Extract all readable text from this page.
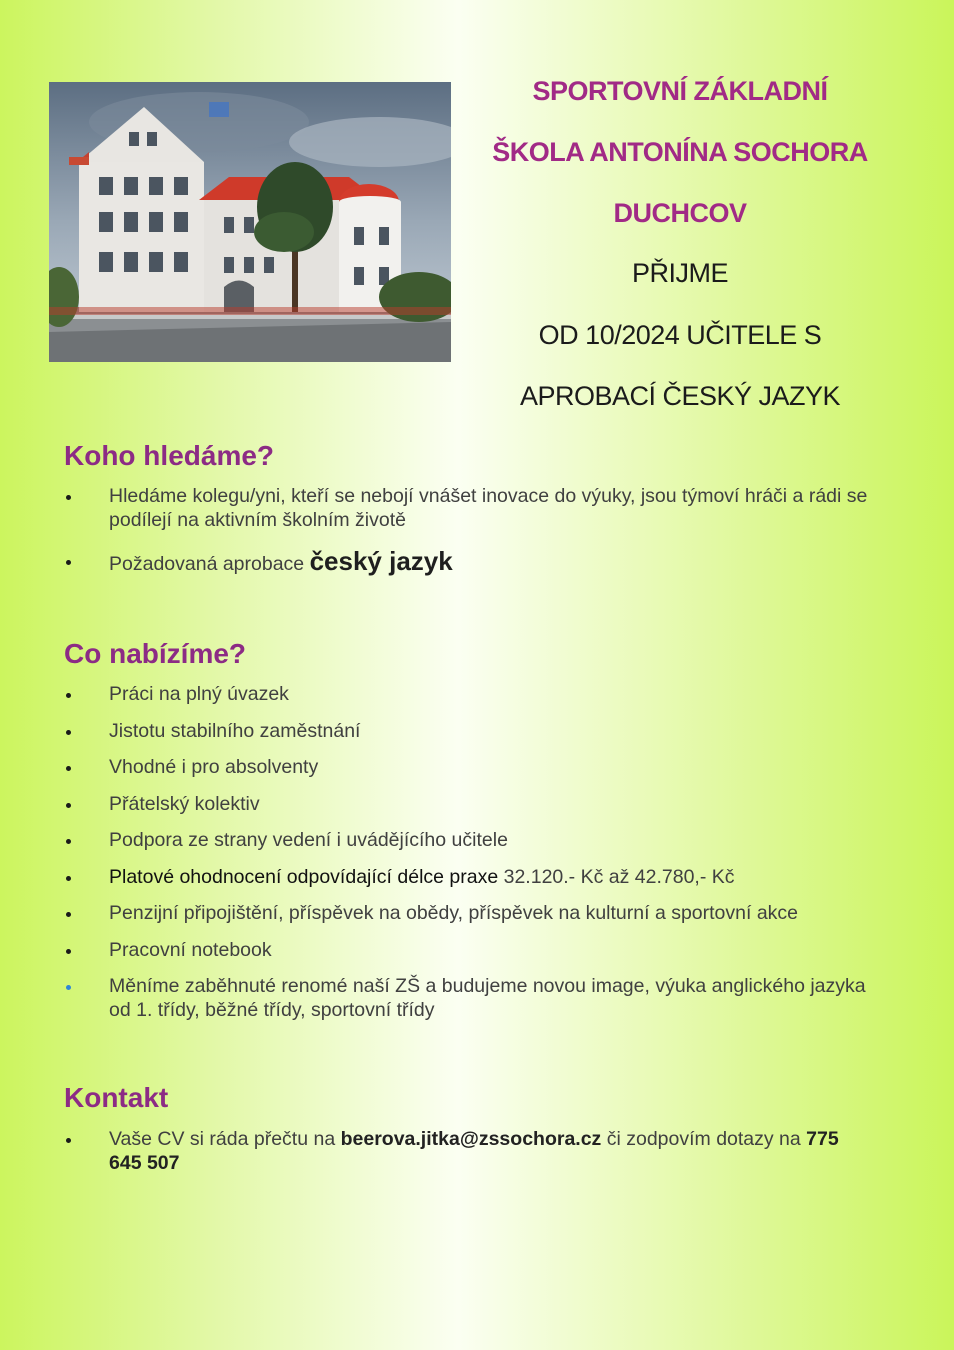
SPORTOVNÍ ZÁKLADNÍ

ŠKOLA ANTONÍNA SOCHORA

DUCHCOV

PŘIJME

OD 10/2024 UČITELE S

APROBACÍ ČESKÝ JAZYK

Koho hledáme?
Hledáme kolegu/yni, kteří se nebojí vnášet inovace do výuky, jsou týmoví hráči a rádi se podílejí na aktivním školním životě
Požadovaná aprobace český jazyk
Co nabízíme?
Práci na plný úvazek
Jistotu stabilního zaměstnání
Vhodné i pro absolventy
Přátelský kolektiv
Podpora ze strany vedení i uvádějícího učitele
Platové ohodnocení odpovídající délce praxe 32.120.- Kč až 42.780,- Kč
Penzijní připojištění, příspěvek na obědy, příspěvek na kulturní a sportovní akce
Pracovní notebook
Měníme zaběhnuté renomé naší ZŠ a budujeme novou image, výuka anglického jazyka od 1. třídy, běžné třídy, sportovní třídy
Kontakt
Vaše CV si ráda přečtu na beerova.jitka@zssochora.cz či zodpovím dotazy na 775 645 507
